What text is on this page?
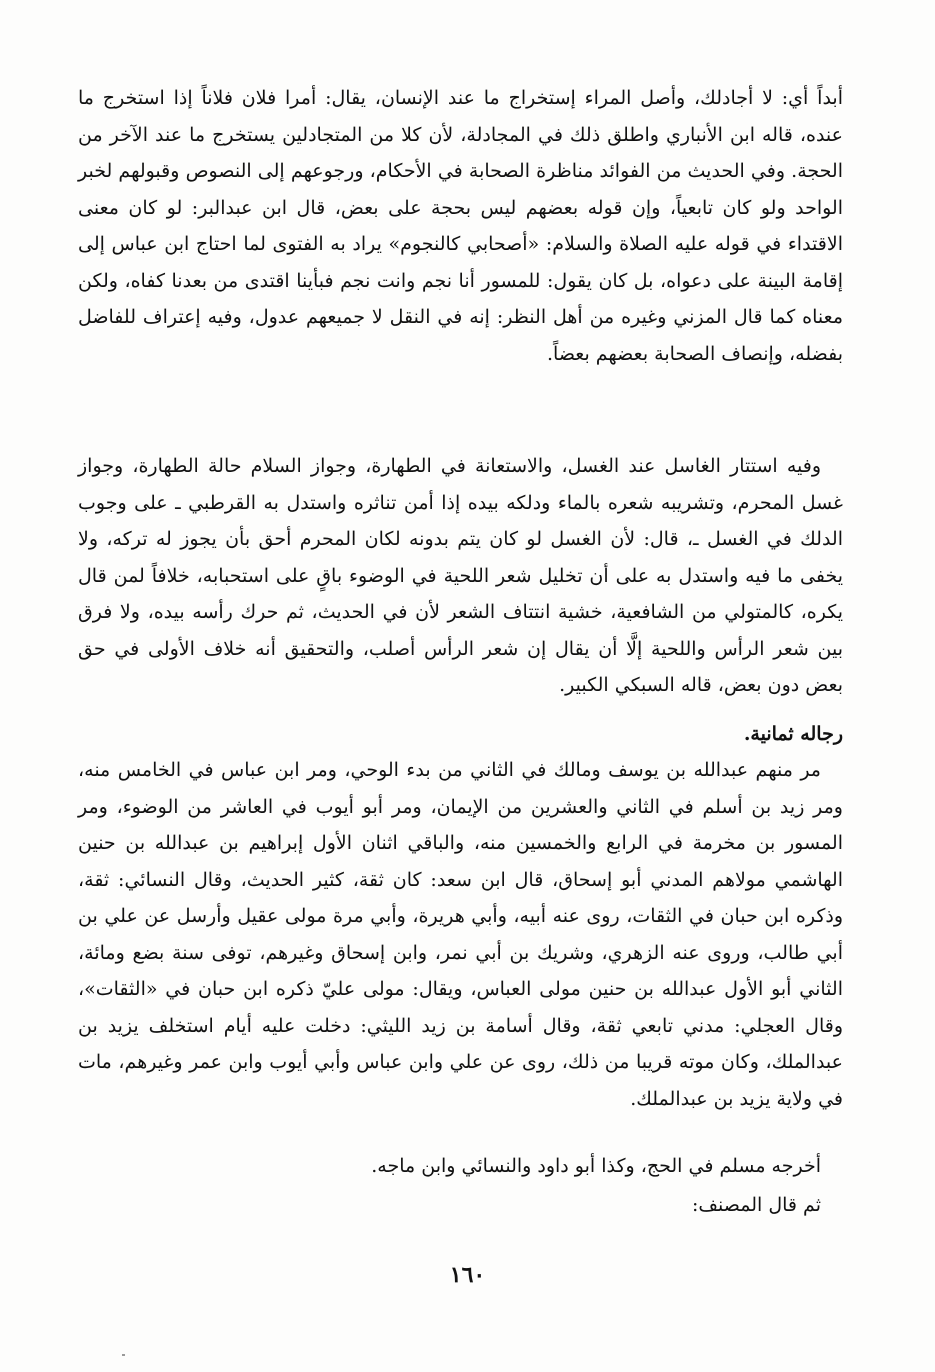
أبداً أي: لا أجادلك، وأصل المراء إستخراج ما عند الإنسان، يقال: أمرا فلان فلاناً إذا استخرج ما عنده، قاله ابن الأنباري واطلق ذلك في المجادلة، لأن كلا من المتجادلين يستخرج ما عند الآخر من الحجة. وفي الحديث من الفوائد مناظرة الصحابة في الأحكام، ورجوعهم إلى النصوص وقبولهم لخبر الواحد ولو كان تابعياً، وإن قوله بعضهم ليس بحجة على بعض، قال ابن عبدالبر: لو كان معنى الاقتداء في قوله عليه الصلاة والسلام: «أصحابي كالنجوم» يراد به الفتوى لما احتاج ابن عباس إلى إقامة البينة على دعواه، بل كان يقول: للمسور أنا نجم وانت نجم فبأينا اقتدى من بعدنا كفاه، ولكن معناه كما قال المزني وغيره من أهل النظر: إنه في النقل لا جميعهم عدول، وفيه إعتراف للفاضل بفضله، وإنصاف الصحابة بعضهم بعضاً.

وفيه استتار الغاسل عند الغسل، والاستعانة في الطهارة، وجواز السلام حالة الطهارة، وجواز غسل المحرم، وتشريبه شعره بالماء ودلكه بيده إذا أمن تناثره واستدل به القرطبي ـ على وجوب الدلك في الغسل ـ، قال: لأن الغسل لو كان يتم بدونه لكان المحرم أحق بأن يجوز له تركه، ولا يخفى ما فيه واستدل به على أن تخليل شعر اللحية في الوضوء باقٍ على استحبابه، خلافاً لمن قال يكره، كالمتولي من الشافعية، خشية انتتاف الشعر لأن في الحديث، ثم حرك رأسه بيده، ولا فرق بين شعر الرأس واللحية إلَّا أن يقال إن شعر الرأس أصلب، والتحقيق أنه خلاف الأولى في حق بعض دون بعض، قاله السبكي الكبير.

رجاله ثمانية.

مر منهم عبدالله بن يوسف ومالك في الثاني من بدء الوحي، ومر ابن عباس في الخامس منه، ومر زيد بن أسلم في الثاني والعشرين من الإيمان، ومر أبو أيوب في العاشر من الوضوء، ومر المسور بن مخرمة في الرابع والخمسين منه، والباقي اثنان الأول إبراهيم بن عبدالله بن حنين الهاشمي مولاهم المدني أبو إسحاق، قال ابن سعد: كان ثقة، كثير الحديث، وقال النسائي: ثقة، وذكره ابن حبان في الثقات، روى عنه أبيه، وأبي هريرة، وأبي مرة مولى عقيل وأرسل عن علي بن أبي طالب، وروى عنه الزهري، وشريك بن أبي نمر، وابن إسحاق وغيرهم، توفى سنة بضع ومائة، الثاني أبو الأول عبدالله بن حنين مولى العباس، ويقال: مولى عليّ ذكره ابن حبان في «الثقات»، وقال العجلي: مدني تابعي ثقة، وقال أسامة بن زيد الليثي: دخلت عليه أيام استخلف يزيد بن عبدالملك، وكان موته قريبا من ذلك، روى عن علي وابن عباس وأبي أيوب وابن عمر وغيرهم، مات في ولاية يزيد بن عبدالملك.

أخرجه مسلم في الحج، وكذا أبو داود والنسائي وابن ماجه.

ثم قال المصنف:

١٦٠
